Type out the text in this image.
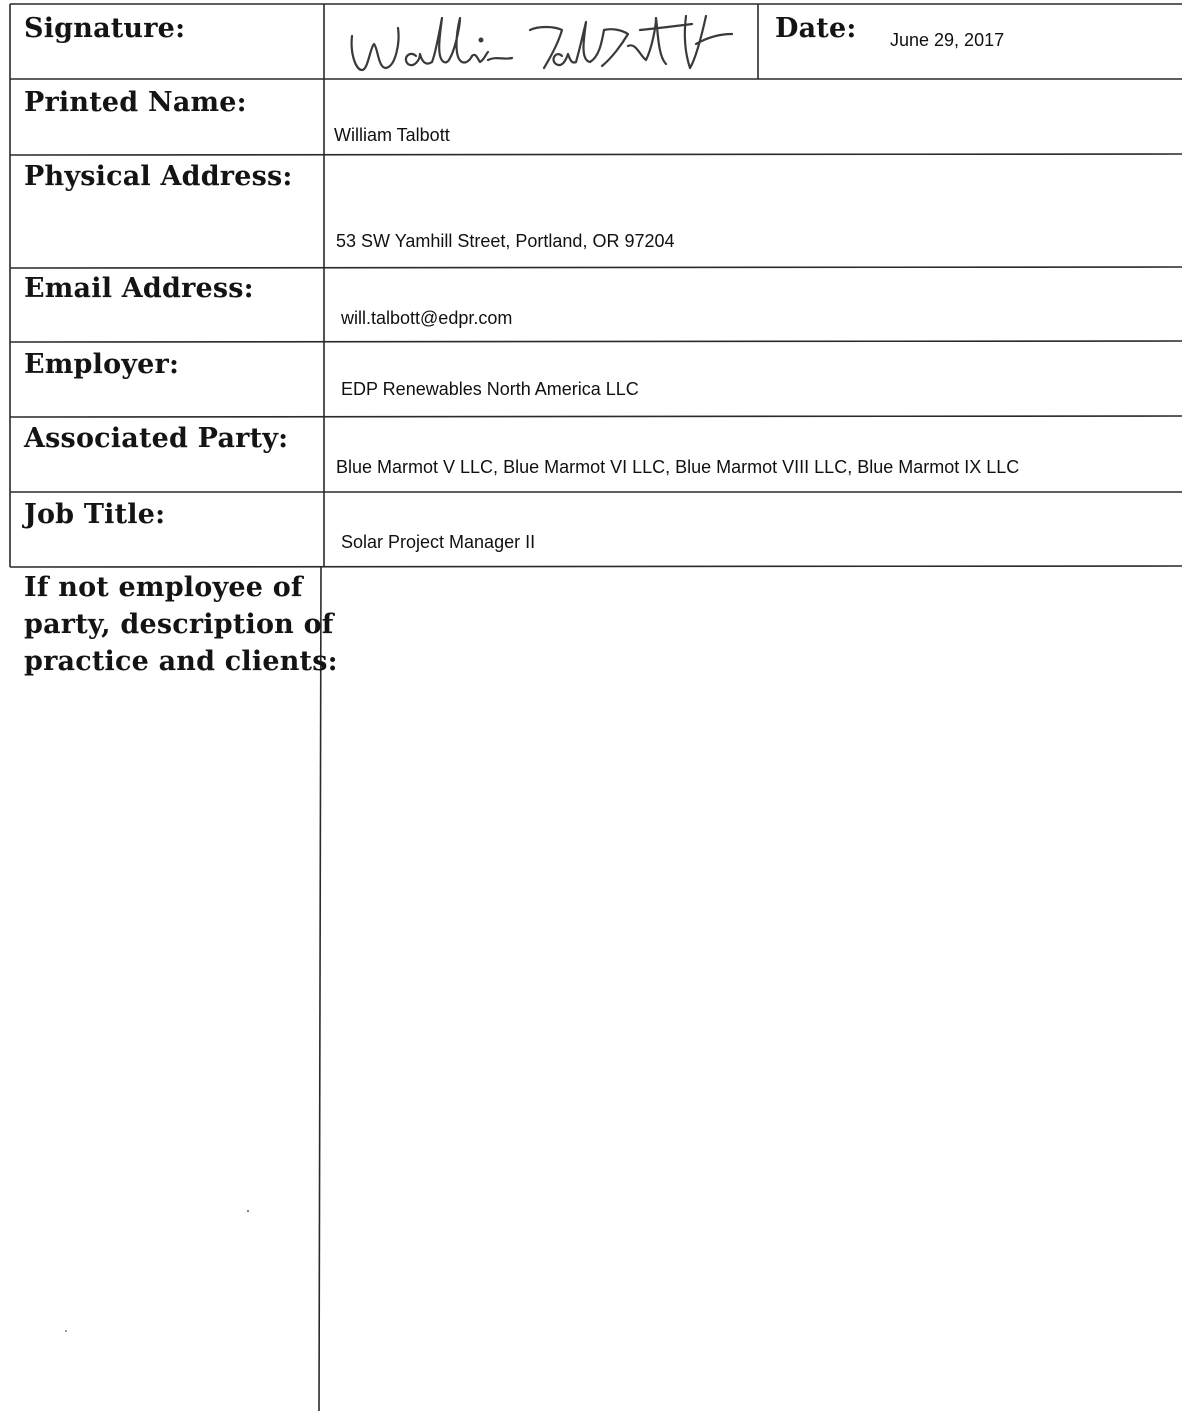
Signature:	Date: June 29, 2017
Printed Name:
William Talbott
Physical Address:
53 SW Yamhill Street, Portland, OR 97204
Email Address:
will.talbott@edpr.com
Employer:
EDP Renewables North America LLC
Associated Party:
Blue Marmot V LLC, Blue Marmot VI LLC, Blue Marmot VIII LLC, Blue Marmot IX LLC
Job Title:
Solar Project Manager II
If not employee of
party, description of
practice and clients:
